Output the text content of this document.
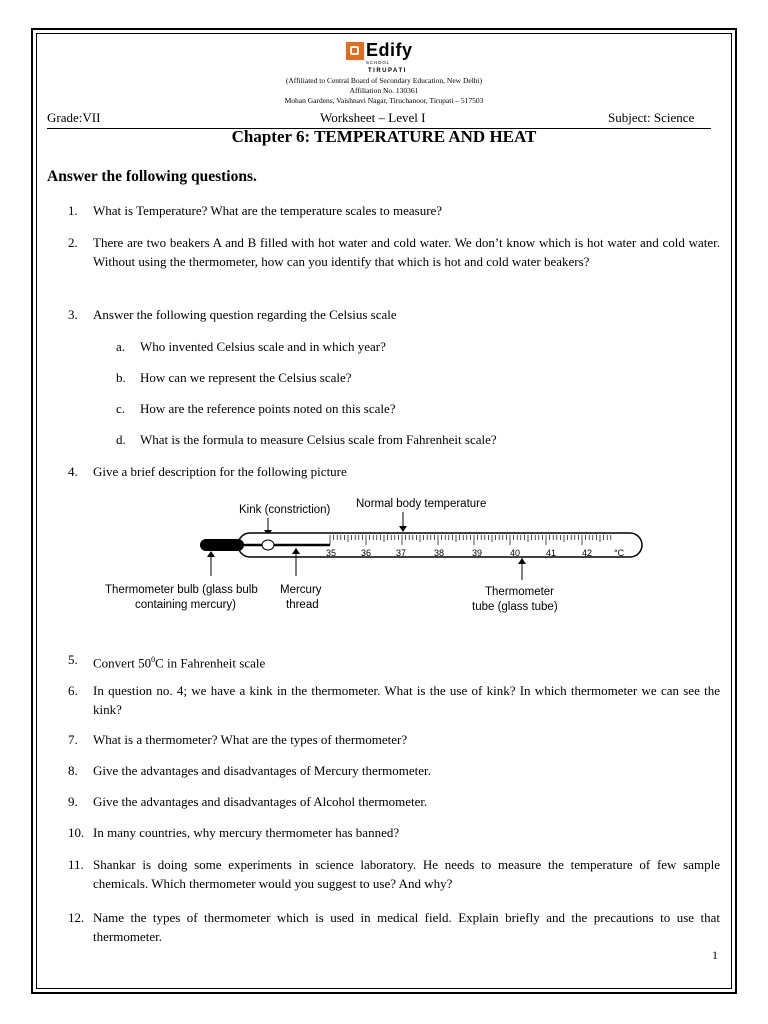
Edify
SCHOOL
TIRUPATI
(Affiliated to Central Board of Secondary Education, New Delhi)
Affiliation No. 130361
Mohan Gardens, Vaishnavi Nagar, Tiruchanoor, Tirupati – 517503
Grade:VII	Worksheet – Level I	Subject: Science
Chapter 6: TEMPERATURE AND HEAT
Answer the following questions.
1.	What is Temperature? What are the temperature scales to measure?
2.	There are two beakers A and B filled with hot water and cold water. We don’t know which is hot water and cold water. Without using the thermometer, how can you identify that which is hot and cold water beakers?
3.	Answer the following question regarding the Celsius scale
a. Who invented Celsius scale and in which year?
b. How can we represent the Celsius scale?
c. How are the reference points noted on this scale?
d. What is the formula to measure Celsius scale from Fahrenheit scale?
4.	Give a brief description for the following picture
Kink (constriction) Normal body temperature
35	36	37	38	39	40	41	42 °C
Thermometer bulb (glass bulb
containing mercury)
Mercury
thread
Thermometer
tube (glass tube)
5.	Convert $50^0C$ in Fahrenheit scale
6.	In question no. 4; we have a kink in the thermometer. What is the use of kink? In which thermometer we can see the kink?
7.	What is a thermometer? What are the types of thermometer?
8.	Give the advantages and disadvantages of Mercury thermometer.
9.	Give the advantages and disadvantages of Alcohol thermometer.
10. In many countries, why mercury thermometer has banned?
11. Shankar is doing some experiments in science laboratory. He needs to measure the temperature of few sample chemicals. Which thermometer would you suggest to use? And why?
12. Name the types of thermometer which is used in medical field. Explain briefly and the precautions to use that thermometer.
1
